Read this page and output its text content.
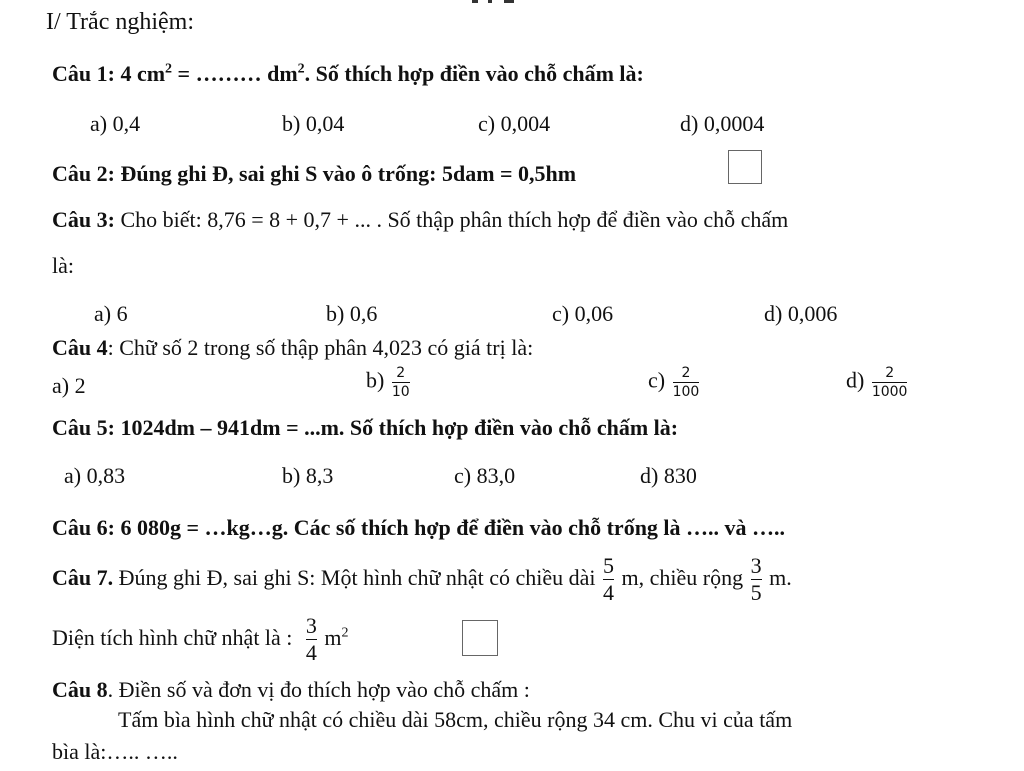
I/ Trắc nghiệm:
Câu 1: 4 $cm^2$ = ……… $dm^2$. Số thích hợp điền vào chỗ chấm là:
a) 0,4	b) 0,04	c) 0,004	d) 0,0004
Câu 2: Đúng ghi Đ, sai ghi S vào ô trống: 5dam = 0,5hm
Câu 3: Cho biết: 8,76 = 8 + 0,7 + ... . Số thập phân thích hợp để điền vào chỗ chấm
là:
a) 6	b) 0,6	c) 0,06	d) 0,006
Câu 4: Chữ số 2 trong số thập phân 4,023 có giá trị là:
a) 2	$b) \frac{2}{10}$	$c) \frac{2}{100}$	$d) \frac{2}{1000}$
Câu 5: 1024dm – 941dm = ...m. Số thích hợp điền vào chỗ chấm là:
a) 0,83	b) 8,3	c) 83,0	d) 830
Câu 6: 6 080g = …kg…g. Các số thích hợp để điền vào chỗ trống là ….. và …..
Câu 7. Đúng ghi Đ, sai ghi S: Một hình chữ nhật có chiều dài $\frac{5}{4} m$, chiều rộng $\frac{3}{5} m$.
Diện tích hình chữ nhật là : $\frac{3}{4} m^2$
Câu 8. Điền số và đơn vị đo thích hợp vào chỗ chấm :
Tấm bìa hình chữ nhật có chiều dài 58cm, chiều rộng 34 cm. Chu vi của tấm
bìa là:….. …..
